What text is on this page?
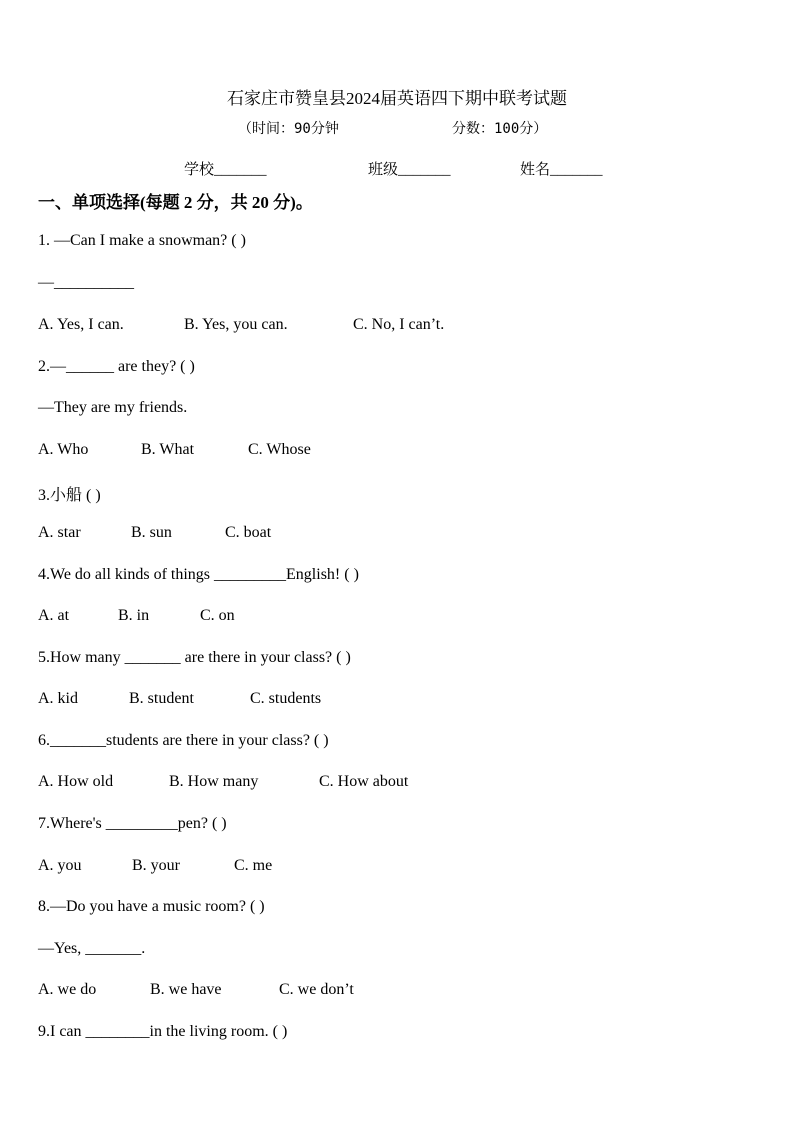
石家庄市赞皇县2024届英语四下期中联考试题
（时间：90分钟	分数：100分）
学校_______	班级_______	姓名_______
一、单项选择(每题 2 分，共 20 分)。
1. —Can I make a snowman? ( )
—__________
A. Yes, I can.	B. Yes, you can.	C. No, I can’t.
2.—______ are they? ( )
—They are my friends.
A. Who	B. What	C. Whose
3.小船 ( )
A. star	B. sun	C. boat
4.We do all kinds of things _________English! ( )
A. at	B. in	C. on
5.How many _______ are there in your class? ( )
A. kid	B. student	C. students
6._______students are there in your class? ( )
A. How old	B. How many	C. How about
7.Where's _________pen? ( )
A. you	B. your	C. me
8.—Do you have a music room? ( )
—Yes, _______.
A. we do	B. we have	C. we don’t
9.I can ________in the living room. ( )
